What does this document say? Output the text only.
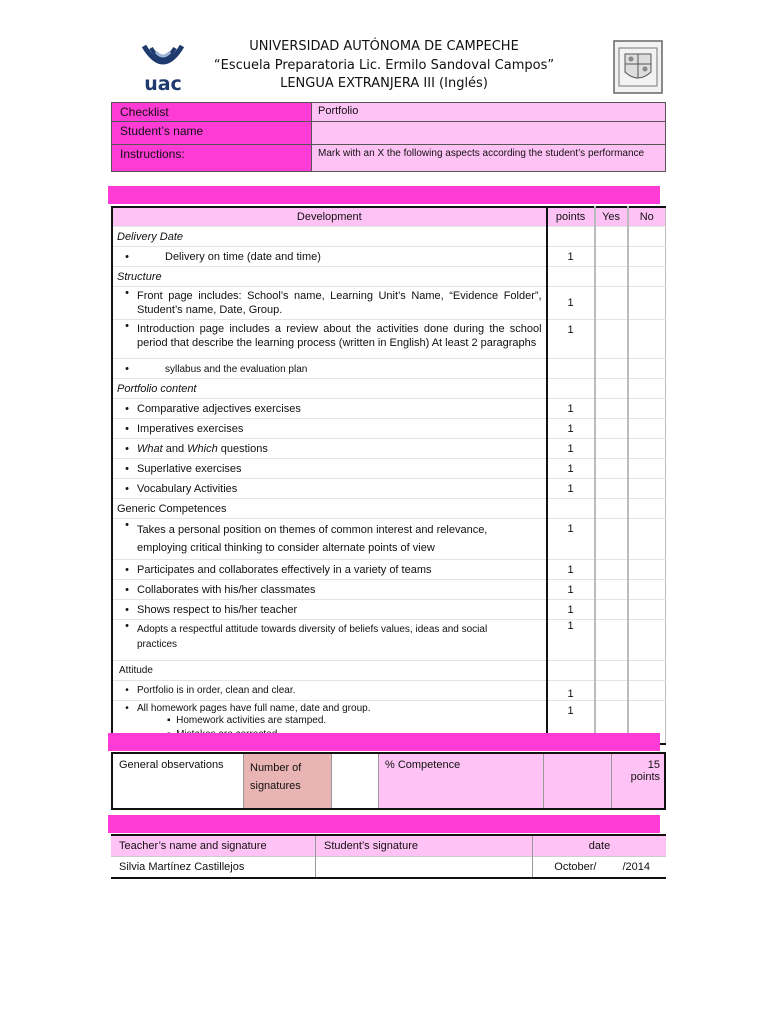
uac
UNIVERSIDAD AUTÓNOMA DE CAMPECHE
“Escuela Preparatoria Lic. Ermilo Sandoval Campos”
LENGUA EXTRANJERA III (Inglés)
Checklist	Portfolio
Student’s name	
Instructions:	Mark with an X the following aspects according the student’s performance
Development	points	Yes	No
Delivery Date			
• Delivery on time (date and time)	1		
Structure			

• Front page includes: School’s name, Learning Unit’s Name, “Evidence Folder”, Student’s name, Date, Group.	1		

• Introduction page includes a review about the activities done during the school period that describe the learning process (written in English) At least 2 paragraphs	1		
• syllabus and the evaluation plan			
Portfolio content			
• Comparative adjectives exercises	1		
• Imperatives exercises	1		
• What and Which questions	1		
• Superlative exercises	1		
• Vocabulary Activities	1		
Generic Competences			

• Takes a personal position on themes of common interest and relevance, employing critical thinking to consider alternate points of view	1		
• Participates and collaborates effectively in a variety of teams	1		
• Collaborates with his/her classmates	1		
• Shows respect to his/her teacher	1		

• Adopts a respectful attitude towards diversity of beliefs values, ideas and social practices	1		
Attitude			
• Portfolio is in order, clean and clear.	1		
• All homework pages have full name, date and group.
▪ Homework activities are stamped.	1		
General observations	Number of signatures		% Competence		15 points
Teacher’s name and signature	Student’s signature	date
Silvia Martínez Castillejos		October/ /2014
